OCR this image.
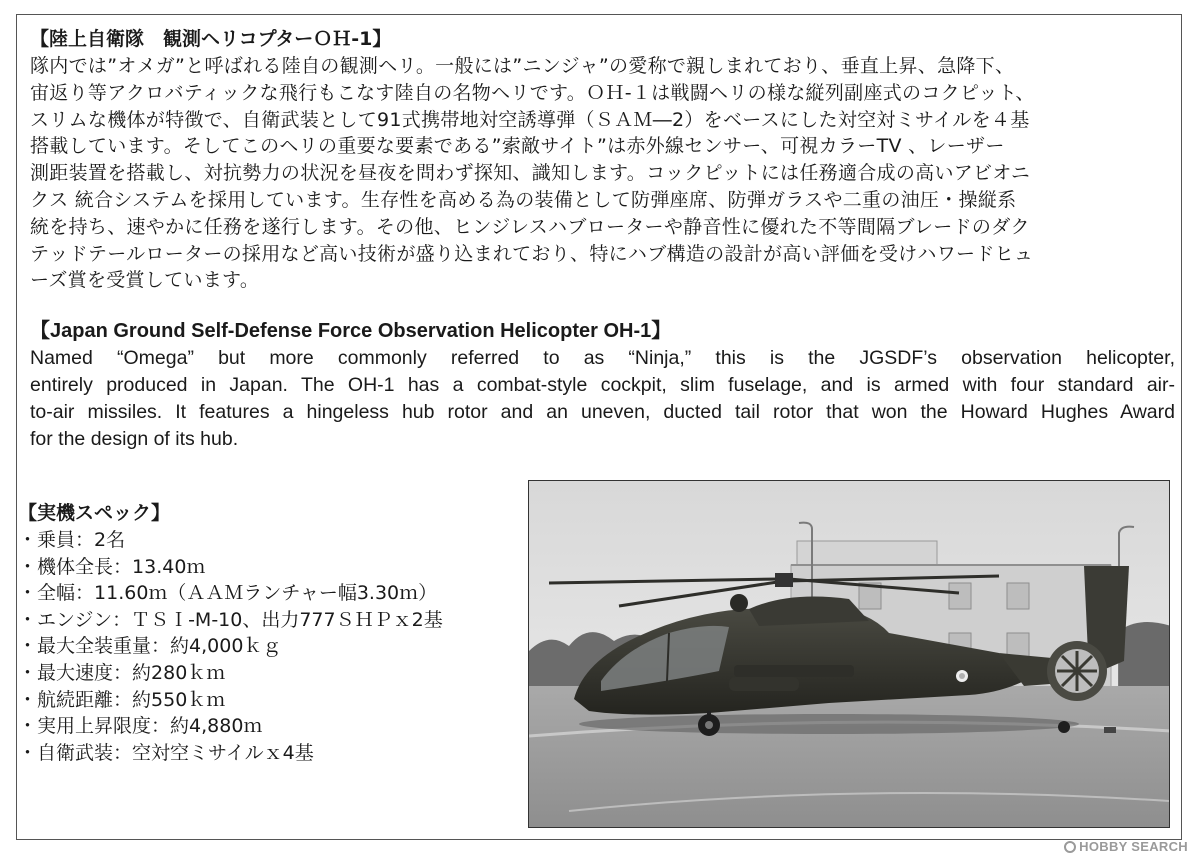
【陸上自衛隊　観測ヘリコプターＯＨ-1】
隊内では”オメガ”と呼ばれる陸自の観測ヘリ。一般には”ニンジャ”の愛称で親しまれており、垂直上昇、急降下、
宙返り等アクロバティックな飛行もこなす陸自の名物ヘリです。ＯＨ-１は戦闘ヘリの様な縦列副座式のコクピット、
スリムな機体が特徴で、自衛武装として91式携帯地対空誘導弾（ＳＡＭ―2）をベースにした対空対ミサイルを４基
搭載しています。そしてこのヘリの重要な要素である”索敵サイト”は赤外線センサー、可視カラーTV 、レーザー
測距装置を搭載し、対抗勢力の状況を昼夜を問わず探知、識知します。コックピットには任務適合成の高いアビオニ
クス 統合システムを採用しています。生存性を高める為の装備として防弾座席、防弾ガラスや二重の油圧・操縦系
統を持ち、速やかに任務を遂行します。その他、ヒンジレスハブローターや静音性に優れた不等間隔ブレードのダク
テッドテールローターの採用など高い技術が盛り込まれており、特にハブ構造の設計が高い評価を受けハワードヒュ
ーズ賞を受賞しています。
【Japan Ground Self-Defense Force Observation Helicopter OH-1】
Named “Omega” but more commonly referred to as “Ninja,” this is the JGSDF’s observation helicopter,
entirely produced in Japan. The OH-1 has a combat-style cockpit, slim fuselage, and is armed with four standard air-
to-air missiles. It features a hingeless hub rotor and an uneven, ducted tail rotor that won the Howard Hughes Award
for the design of its hub.
【実機スペック】
・ 乗員：2名
・ 機体全長：13.40ｍ
・ 全幅：11.60ｍ（ＡＡＭランチャー幅3.30ｍ）
・ エンジン：ＴＳＩ-M-10、出力777ＳＨＰｘ2基
・ 最大全装重量：約4,000ｋｇ
・ 最大速度：約280ｋｍ
・ 航続距離：約550ｋｍ
・ 実用上昇限度：約4,880ｍ
・ 自衛武装：空対空ミサイルｘ4基
HOBBY SEARCH
